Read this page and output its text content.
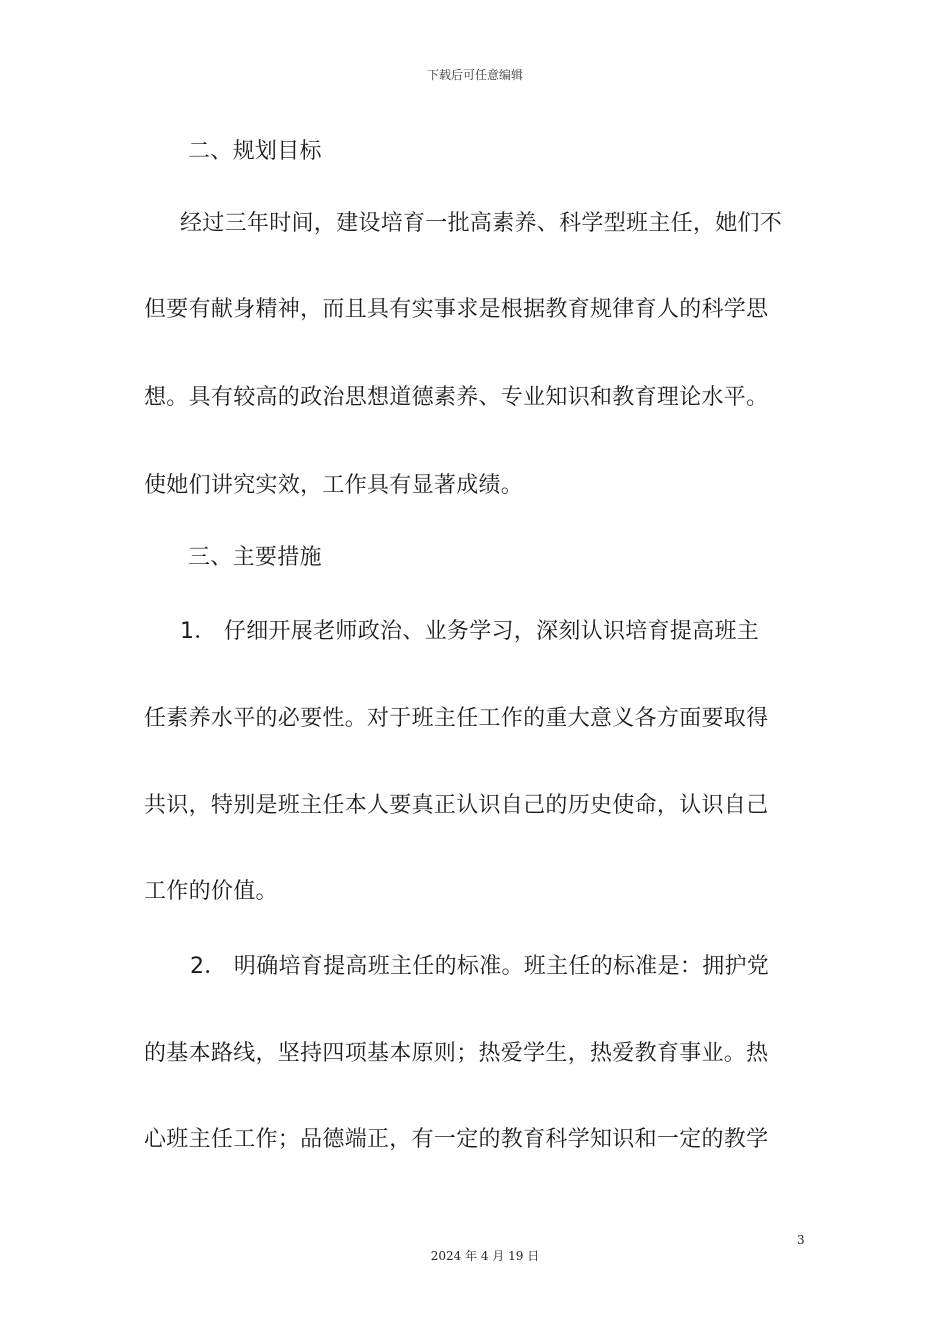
下载后可任意编辑
二、规划目标
经过三年时间，建设培育一批高素养、科学型班主任，她们不
但要有献身精神，而且具有实事求是根据教育规律育人的科学思
想。具有较高的政治思想道德素养、专业知识和教育理论水平。
使她们讲究实效，工作具有显著成绩。
三、主要措施
1． 仔细开展老师政治、业务学习，深刻认识培育提高班主
任素养水平的必要性。对于班主任工作的重大意义各方面要取得
共识，特别是班主任本人要真正认识自己的历史使命，认识自己
工作的价值。
2． 明确培育提高班主任的标准。班主任的标准是：拥护党
的基本路线，坚持四项基本原则；热爱学生，热爱教育事业。热
心班主任工作；品德端正，有一定的教育科学知识和一定的教学
3
2024 年 4 月 19 日
